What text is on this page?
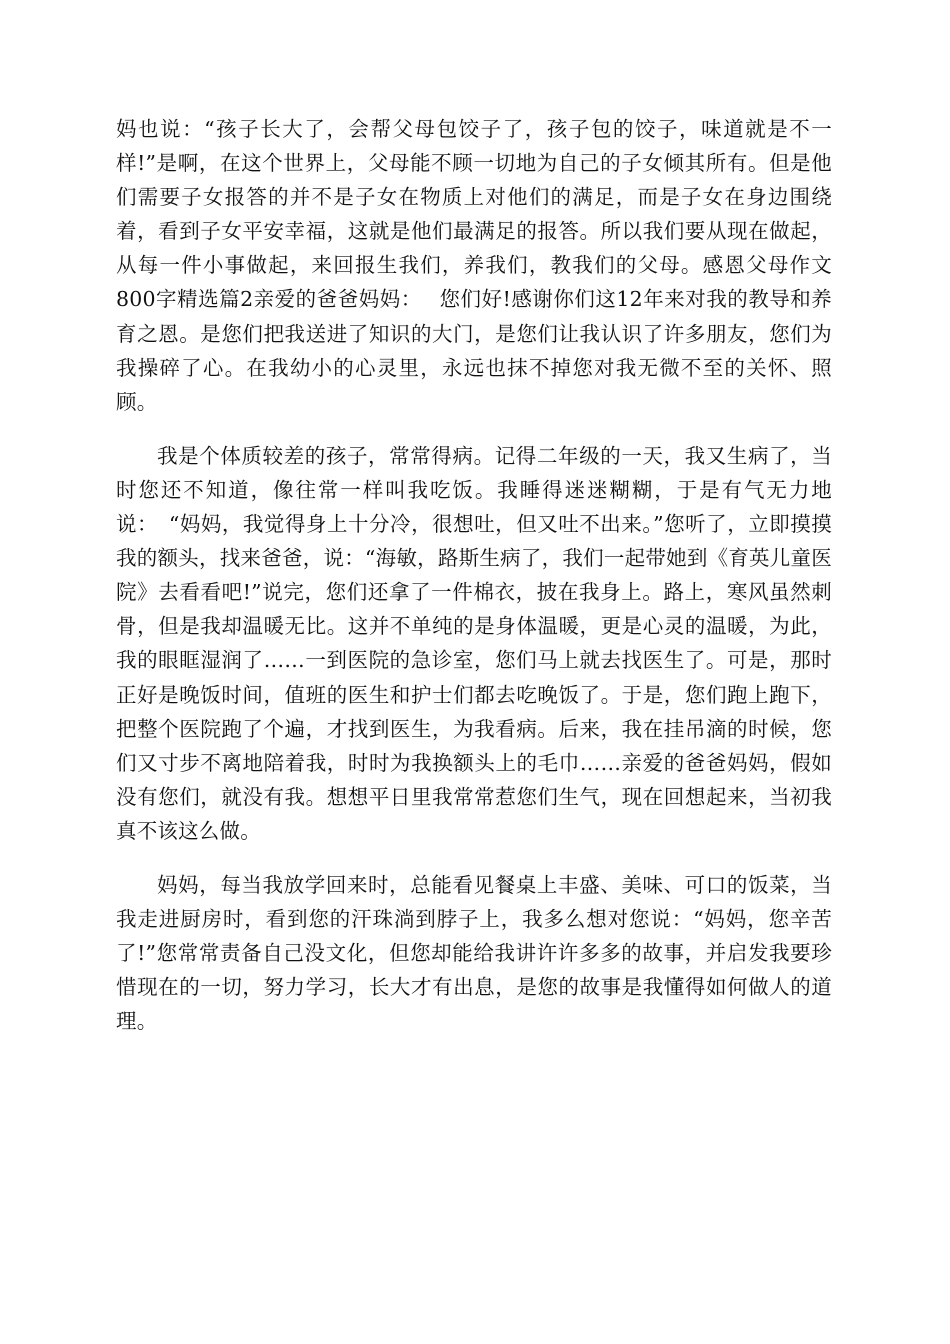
妈也说：“孩子长大了，会帮父母包饺子了，孩子包的饺子，味道就是不一样!”是啊，在这个世界上，父母能不顾一切地为自己的子女倾其所有。但是他们需要子女报答的并不是子女在物质上对他们的满足，而是子女在身边围绕着，看到子女平安幸福，这就是他们最满足的报答。所以我们要从现在做起，从每一件小事做起，来回报生我们，养我们，教我们的父母。感恩父母作文800字精选篇2亲爱的爸爸妈妈：　 您们好!感谢你们这12年来对我的教导和养育之恩。是您们把我送进了知识的大门，是您们让我认识了许多朋友，您们为我操碎了心。在我幼小的心灵里，永远也抹不掉您对我无微不至的关怀、照顾。

我是个体质较差的孩子，常常得病。记得二年级的一天，我又生病了，当时您还不知道，像往常一样叫我吃饭。我睡得迷迷糊糊，于是有气无力地说：　“妈妈，我觉得身上十分冷，很想吐，但又吐不出来。”您听了，立即摸摸我的额头，找来爸爸，说：“海敏，路斯生病了，我们一起带她到《育英儿童医院》去看看吧!”说完，您们还拿了一件棉衣，披在我身上。路上，寒风虽然刺骨，但是我却温暖无比。这并不单纯的是身体温暖，更是心灵的温暖，为此，我的眼眶湿润了……一到医院的急诊室，您们马上就去找医生了。可是，那时正好是晚饭时间，值班的医生和护士们都去吃晚饭了。于是，您们跑上跑下，把整个医院跑了个遍，才找到医生，为我看病。后来，我在挂吊滴的时候，您们又寸步不离地陪着我，时时为我换额头上的毛巾……亲爱的爸爸妈妈，假如没有您们，就没有我。想想平日里我常常惹您们生气，现在回想起来，当初我真不该这么做。

妈妈，每当我放学回来时，总能看见餐桌上丰盛、美味、可口的饭菜，当我走进厨房时，看到您的汗珠淌到脖子上，我多么想对您说：“妈妈，您辛苦了!”您常常责备自己没文化，但您却能给我讲许许多多的故事，并启发我要珍惜现在的一切，努力学习，长大才有出息，是您的故事是我懂得如何做人的道理。
